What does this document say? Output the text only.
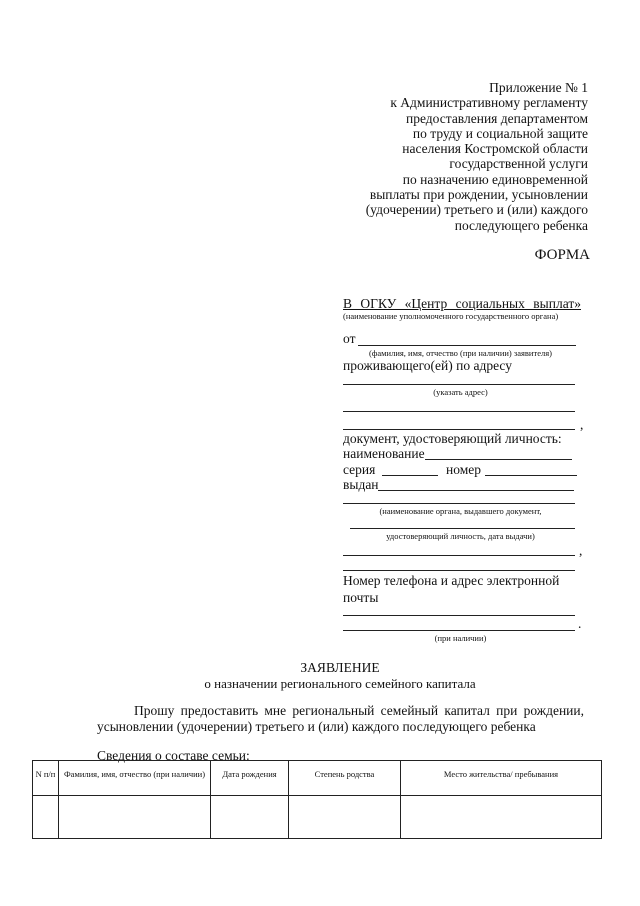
Приложение № 1
к Административному регламенту
предоставления департаментом
по труду и социальной защите
населения Костромской области
государственной услуги
по назначению единовременной
выплаты при рождении, усыновлении
(удочерении) третьего и (или) каждого
последующего ребенка
ФОРМА
В ОГКУ «Центр социальных выплат»
(наименование уполномоченного государственного органа)
от
(фамилия, имя, отчество (при наличии) заявителя)
проживающего(ей) по адресу
(указать адрес)
,
документ, удостоверяющий личность:
наименование
серия	номер
выдан
(наименование органа, выдавшего документ,
удостоверяющий личность, дата выдачи)
,
Номер телефона и адрес электронной
почты
.
(при наличии)
ЗАЯВЛЕНИЕ
о назначении регионального семейного капитала
Прошу предоставить мне региональный семейный капитал при рождении,
усыновлении (удочерении) третьего и (или) каждого последующего ребенка
Сведения о составе семьи:
N п/п	Фамилия, имя, отчество (при наличии)	Дата рождения	Степень родства	Место жительства/ пребывания
